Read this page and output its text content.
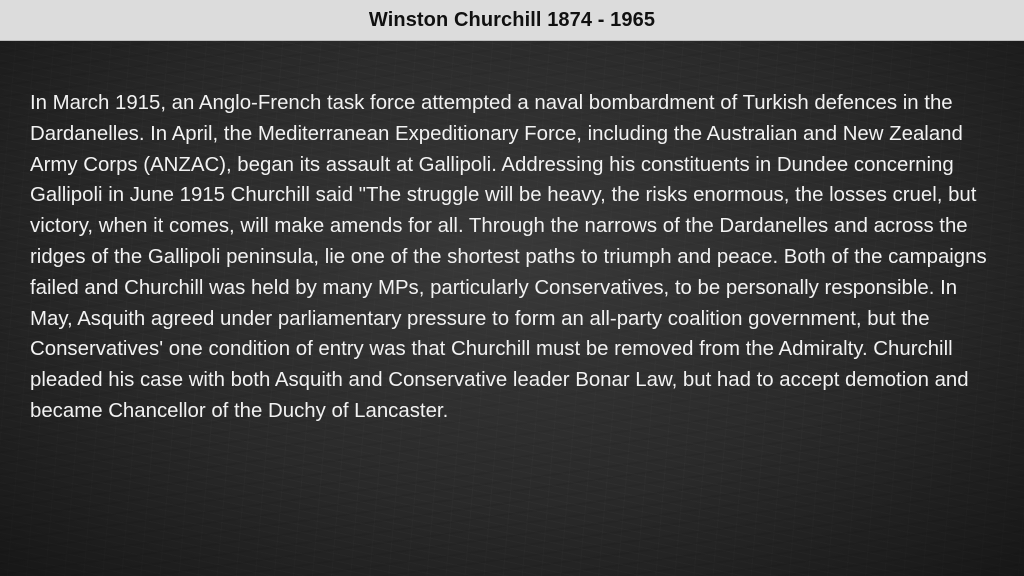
Winston Churchill 1874 - 1965

In March 1915, an Anglo-French task force attempted a naval bombardment of Turkish defences in the Dardanelles. In April, the Mediterranean Expeditionary Force, including the Australian and New Zealand Army Corps (ANZAC), began its assault at Gallipoli. Addressing his constituents in Dundee concerning Gallipoli in June 1915 Churchill said "The struggle will be heavy, the risks enormous, the losses cruel, but victory, when it comes, will make amends for all. Through the narrows of the Dardanelles and across the ridges of the Gallipoli peninsula, lie one of the shortest paths to triumph and peace. Both of the campaigns failed and Churchill was held by many MPs, particularly Conservatives, to be personally responsible. In May, Asquith agreed under parliamentary pressure to form an all-party coalition government, but the Conservatives' one condition of entry was that Churchill must be removed from the Admiralty. Churchill pleaded his case with both Asquith and Conservative leader Bonar Law, but had to accept demotion and became Chancellor of the Duchy of Lancaster.
